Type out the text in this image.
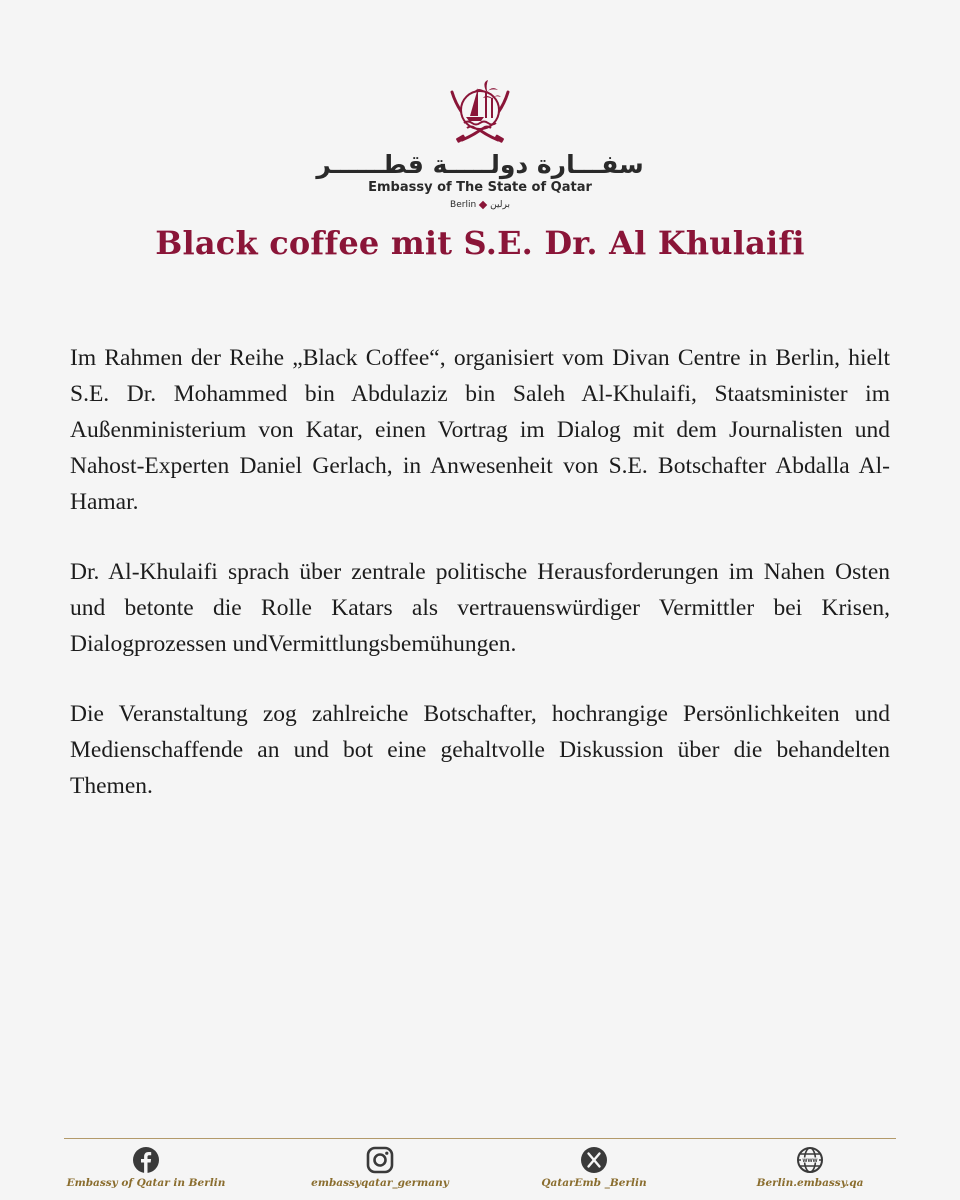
سفـــارة دولـــــة قطــــــر
Embassy of The State of Qatar
Berlin برلين
Black coffee mit S.E. Dr. Al Khulaifi

Im Rahmen der Reihe „Black Coffee“, organisiert vom Divan Centre in Berlin, hielt S.E. Dr. Mohammed bin Abdulaziz bin Saleh Al-Khulaifi, Staatsminister im Außenministerium von Katar, einen Vortrag im Dialog mit dem Journalisten und Nahost-Experten Daniel Gerlach, in Anwesenheit von S.E. Botschafter Abdalla Al-Hamar.

Dr. Al-Khulaifi sprach über zentrale politische Herausforderungen im Nahen Osten und betonte die Rolle Katars als vertrauenswürdiger Vermittler bei Krisen, Dialogprozessen undVermittlungsbemühungen.

Die Veranstaltung zog zahlreiche Botschafter, hochrangige Persönlichkeiten und Medienschaffende an und bot eine gehaltvolle Diskussion über die behandelten Themen.

Embassy of Qatar in Berlin	embassyqatar_germany	QatarEmb _Berlin
WWW
Berlin.embassy.qa
